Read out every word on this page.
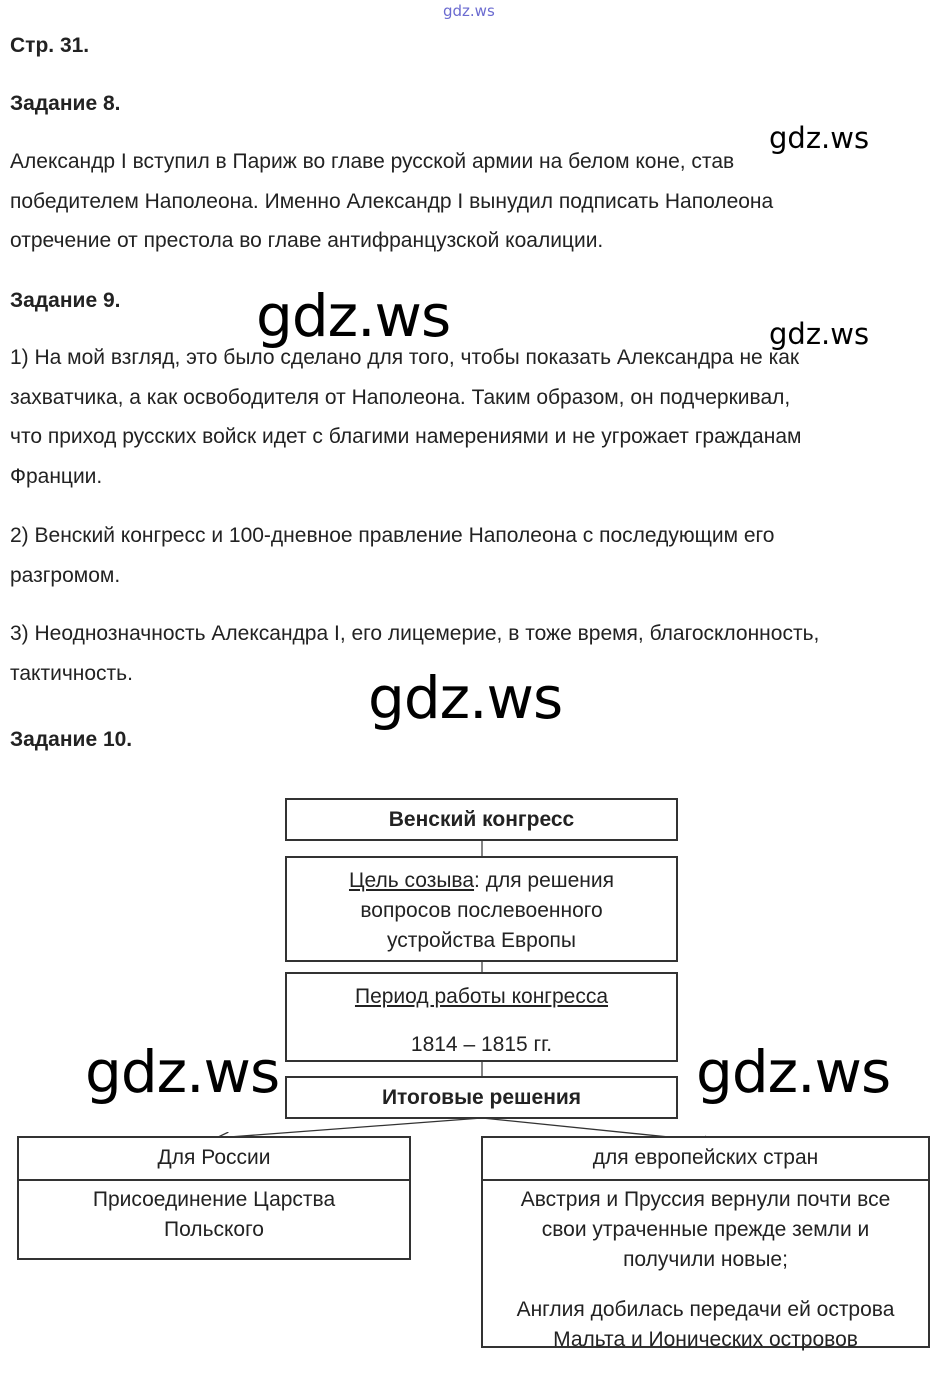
gdz.ws
Стр. 31.
Задание 8.
Александр I вступил в Париж во главе русской армии на белом коне, став
победителем Наполеона. Именно Александр I вынудил подписать Наполеона
отречение от престола во главе антифранцузской коалиции.
gdz.ws
Задание 9. gdz.ws	gdz.ws
1) На мой взгляд, это было сделано для того, чтобы показать Александра не как
захватчика, а как освободителя от Наполеона. Таким образом, он подчеркивал,
что приход русских войск идет с благими намерениями и не угрожает гражданам
Франции.
2) Венский конгресс и 100-дневное правление Наполеона с последующим его
разгромом.
3) Неоднозначность Александра I, его лицемерие, в тоже время, благосклонность,
тактичность.	gdz.ws
Задание 10.
Венский конгресс
Цель созыва: для решения
вопросов послевоенного
устройства Европы
Период работы конгресса
1814 – 1815 гг.
Итоговые решения
Для России
Присоединение Царства
Польского
для европейских стран
Австрия и Пруссия вернули почти все
свои утраченные прежде земли и
получили новые;
Англия добилась передачи ей острова
Мальта и Ионических островов
gdz.ws	gdz.ws
